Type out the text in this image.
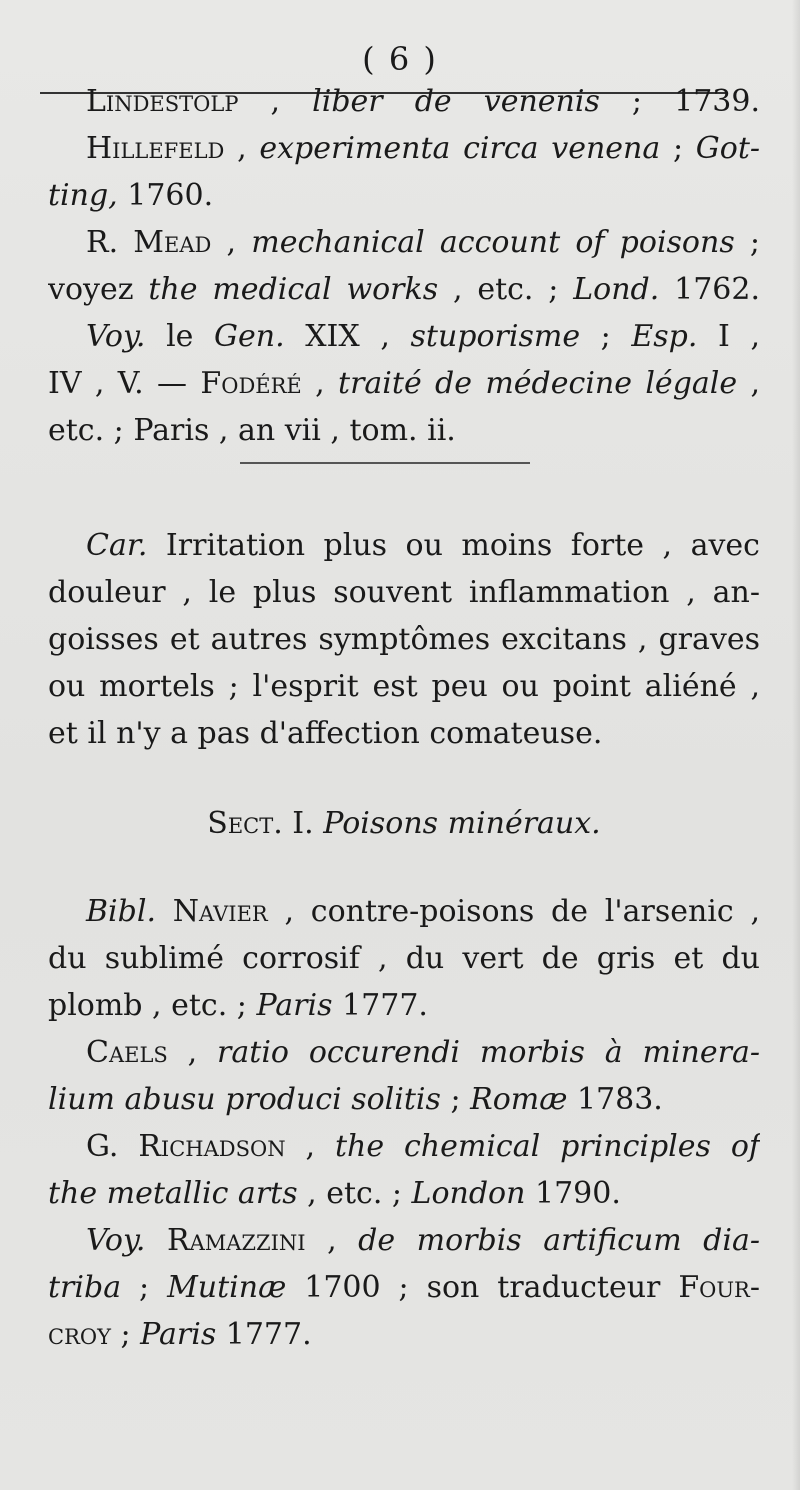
( 6 )
Lindestolp , liber de venenis ; 1739.
Hillefeld , experimenta circa venena ; Got-
ting, 1760.
R. Mead , mechanical account of poisons ;
voyez the medical works , etc. ; Lond. 1762.
Voy. le Gen. XIX , stuporisme ; Esp. I ,
IV , V. — Fodéré , traité de médecine légale ,
etc. ; Paris , an vii , tom. ii.
Car. Irritation plus ou moins forte , avec
douleur , le plus souvent inflammation , an-
goisses et autres symptômes excitans , graves
ou mortels ; l'esprit est peu ou point aliéné ,
et il n'y a pas d'affection comateuse.
Sect. I. Poisons minéraux.
Bibl. Navier , contre-poisons de l'arsenic ,
du sublimé corrosif , du vert de gris et du
plomb , etc. ; Paris 1777.
Caels , ratio occurendi morbis à minera-
lium abusu produci solitis ; Romæ 1783.
G. Richadson , the chemical principles of
the metallic arts , etc. ; London 1790.
Voy. Ramazzini , de morbis artificum dia-
triba ; Mutinæ 1700 ; son traducteur Four-
croy ; Paris 1777.
